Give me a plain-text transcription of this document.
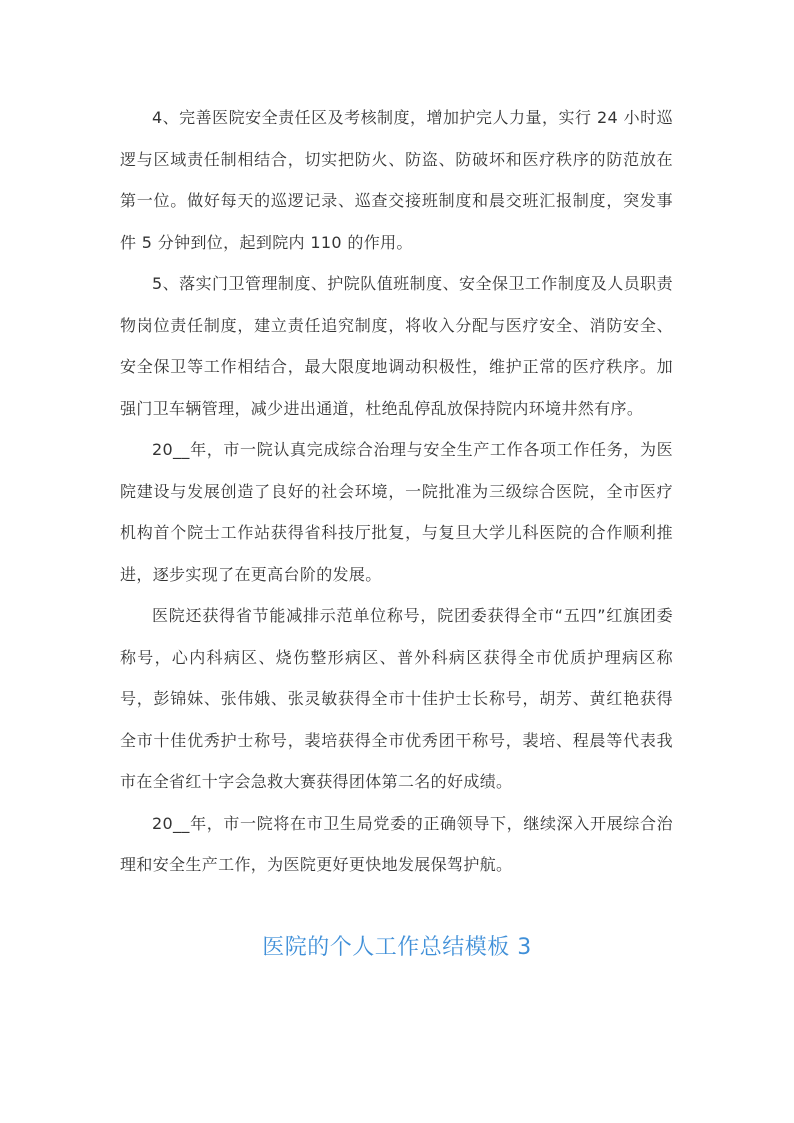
4、完善医院安全责任区及考核制度，增加护完人力量，实行 24 小时巡逻与区域责任制相结合，切实把防火、防盗、防破坏和医疗秩序的防范放在第一位。做好每天的巡逻记录、巡查交接班制度和晨交班汇报制度，突发事件 5 分钟到位，起到院内 110 的作用。

5、落实门卫管理制度、护院队值班制度、安全保卫工作制度及人员职责物岗位责任制度，建立责任追究制度，将收入分配与医疗安全、消防安全、安全保卫等工作相结合，最大限度地调动积极性，维护正常的医疗秩序。加强门卫车辆管理，减少进出通道，杜绝乱停乱放保持院内环境井然有序。

20__年，市一院认真完成综合治理与安全生产工作各项工作任务，为医院建设与发展创造了良好的社会环境，一院批准为三级综合医院，全市医疗机构首个院士工作站获得省科技厅批复，与复旦大学儿科医院的合作顺利推进，逐步实现了在更高台阶的发展。

医院还获得省节能减排示范单位称号，院团委获得全市“五四”红旗团委称号，心内科病区、烧伤整形病区、普外科病区获得全市优质护理病区称号，彭锦妹、张伟娥、张灵敏获得全市十佳护士长称号，胡芳、黄红艳获得全市十佳优秀护士称号，裴培获得全市优秀团干称号，裴培、程晨等代表我市在全省红十字会急救大赛获得团体第二名的好成绩。

20__年，市一院将在市卫生局党委的正确领导下，继续深入开展综合治理和安全生产工作，为医院更好更快地发展保驾护航。

医院的个人工作总结模板 3
